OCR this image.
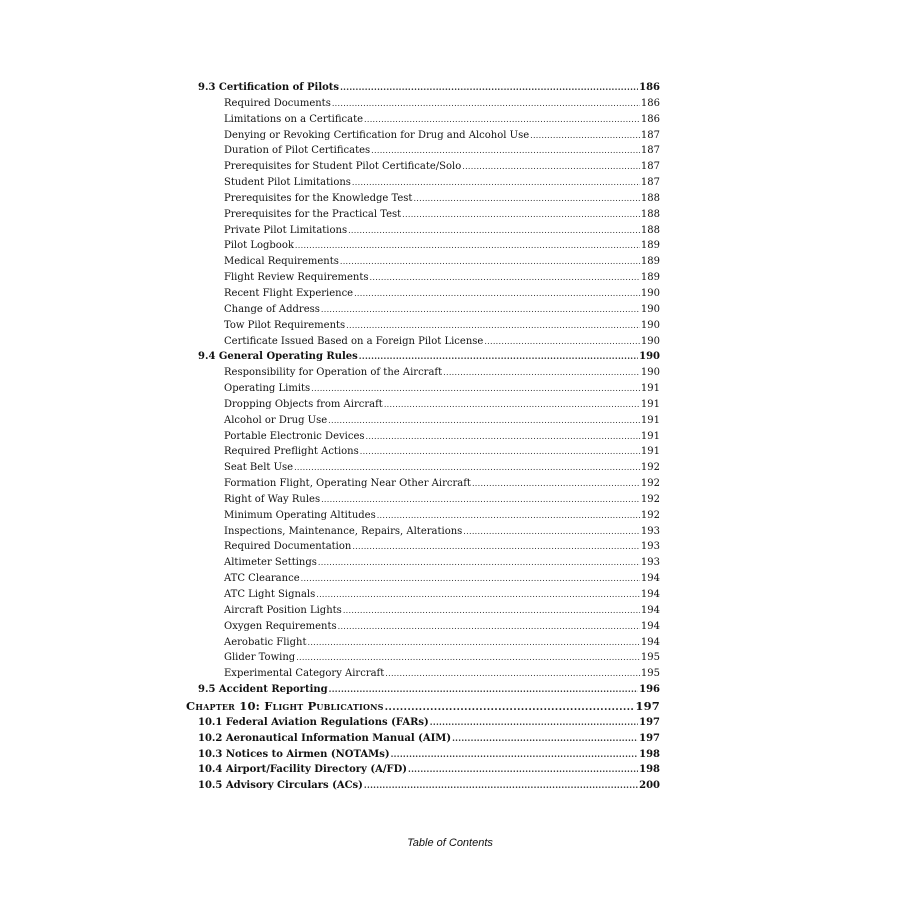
9.3 Certification of Pilots .....	186
Required Documents .....	186
Limitations on a Certificate .....	186
Denying or Revoking Certification for Drug and Alcohol Use .....	187
Duration of Pilot Certificates .....	187
Prerequisites for Student Pilot Certificate/Solo .....	187
Student Pilot Limitations .....	187
Prerequisites for the Knowledge Test .....	188
Prerequisites for the Practical Test .....	188
Private Pilot Limitations .....	188
Pilot Logbook .....	189
Medical Requirements .....	189
Flight Review Requirements .....	189
Recent Flight Experience .....	190
Change of Address .....	190
Tow Pilot Requirements .....	190
Certificate Issued Based on a Foreign Pilot License .....	190
9.4 General Operating Rules .....	190
Responsibility for Operation of the Aircraft .....	190
Operating Limits .....	191
Dropping Objects from Aircraft .....	191
Alcohol or Drug Use .....	191
Portable Electronic Devices .....	191
Required Preflight Actions .....	191
Seat Belt Use .....	192
Formation Flight, Operating Near Other Aircraft .....	192
Right of Way Rules .....	192
Minimum Operating Altitudes .....	192
Inspections, Maintenance, Repairs, Alterations .....	193
Required Documentation .....	193
Altimeter Settings .....	193
ATC Clearance .....	194
ATC Light Signals .....	194
Aircraft Position Lights .....	194
Oxygen Requirements .....	194
Aerobatic Flight .....	194
Glider Towing .....	195
Experimental Category Aircraft .....	195
9.5 Accident Reporting .....	196
Chapter 10: Flight Publications .....	197
10.1 Federal Aviation Regulations (FARs) .....	197
10.2 Aeronautical Information Manual (AIM) .....	197
10.3 Notices to Airmen (NOTAMs) .....	198
10.4 Airport/Facility Directory (A/FD) .....	198
10.5 Advisory Circulars (ACs) .....	200
Table of Contents
